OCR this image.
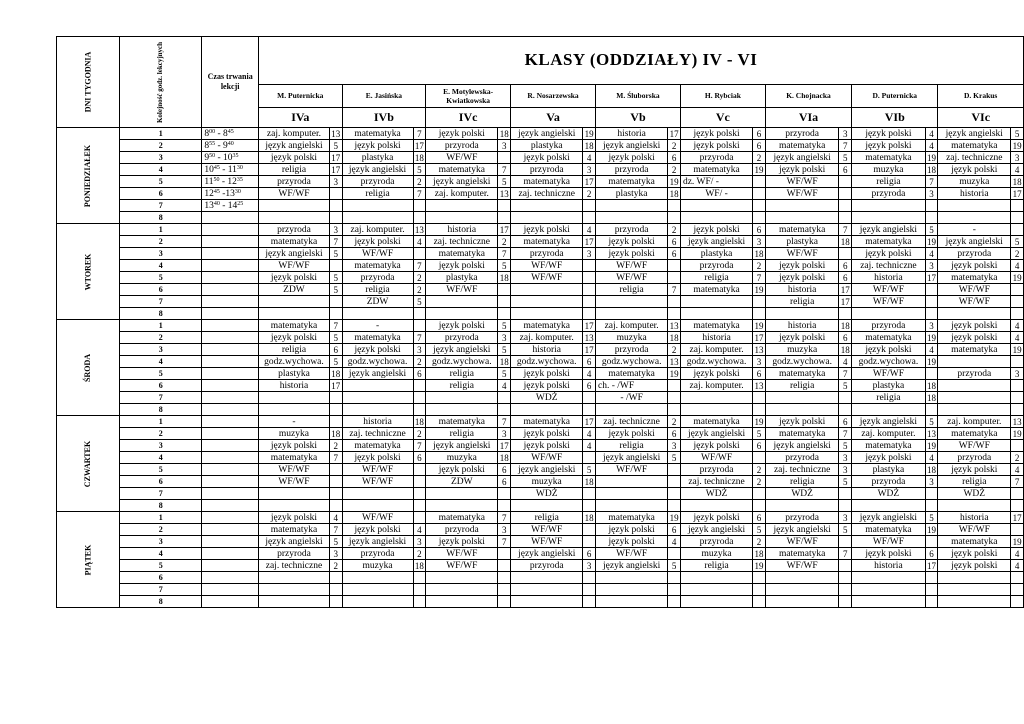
DNI TYGODNIA	Kolejność godz. lekcyjnych	Czas trwania lekcji	KLASY (ODDZIAŁY) IV - VI																	
			M. Puternicka		E. Jasińska		E. Motylewska-Kwiatkowska		R. Nosarzewska		M. Śluborska		H. Rybciak		K. Chojnacka		D. Puternicka		D. Krakus	
			IVa		IVb		IVc		Va		Vb		Vc		VIa		VIb		VIc	
PONIEDZIAŁEK	1	$8^{00} - 8^{45}$	zaj. komputer.	13	matematyka	7	język polski	18	język angielski	19	historia	17	język polski	6	przyroda	3	język polski	4	język angielski	5
	2	$8^{55} - 9^{40}$	język angielski	5	język polski	17	przyroda	3	plastyka	18	język angielski	2	język polski	6	matematyka	7	język polski	4	matematyka	19
	3	$9^{50} - 10^{35}$	język polski	17	plastyka	18	WF/WF		język polski	4	język polski	6	przyroda	2	język angielski	5	matematyka	19	zaj. techniczne	3
	4	$10^{45} - 11^{30}$	religia	17	język angielski	5	matematyka	7	przyroda	3	przyroda	2	matematyka	19	język polski	6	muzyka	18	język polski	4
	5	$11^{50} - 12^{35}$	przyroda	3	przyroda	2	język angielski	5	matematyka	17	matematyka	19	dz. WF/ -		WF/WF		religia	7	muzyka	18
	6	$12^{45}$ $-13^{30}$	WF/WF		religia	7	zaj. komputer.	13	zaj. techniczne	2	plastyka	18	WF/ -		WF/WF		przyroda	3	historia	17
	7	$13^{40} - 14^{25}$																		
	8																			
WTOREK	1		przyroda	3	zaj. komputer.	13	historia	17	język polski	4	przyroda	2	język polski	6	matematyka	7	język angielski	5	-	
	2		matematyka	7	język polski	4	zaj. techniczne	2	matematyka	17	język polski	6	język angielski	3	plastyka	18	matematyka	19	język angielski	5
	3		język angielski	5	WF/WF		matematyka	7	przyroda	3	język polski	6	plastyka	18	WF/WF		język polski	4	przyroda	2
	4		WF/WF		matematyka	7	język polski	5	WF/WF		WF/WF		przyroda	2	język polski	6	zaj. techniczne	3	język polski	4
	5		język polski	5	przyroda	2	plastyka	18	WF/WF		WF/WF		religia	7	język polski	6	historia	17	matematyka	19
	6		ZDW	5	religia	2	WF/WF				religia	7	matematyka	19	historia	17	WF/WF		WF/WF	
	7				ZDW	5									religia	17	WF/WF		WF/WF	
	8																			
ŚRODA	1		matematyka	7	-		język polski	5	matematyka	17	zaj. komputer.	13	matematyka	19	historia	18	przyroda	3	język polski	4
	2		język polski	5	matematyka	7	przyroda	3	zaj. komputer.	13	muzyka	18	historia	17	język polski	6	matematyka	19	język polski	4
	3		religia	6	język polski	3	język angielski	5	historia	17	przyroda	2	zaj. komputer.	13	muzyka	18	język polski	4	matematyka	19
	4		godz.wychowa.	5	godz.wychowa.	2	godz.wychowa.	18	godz.wychowa.	6	godz.wychowa.	13	godz.wychowa.	3	godz.wychowa.	4	godz.wychowa.	19		
	5		plastyka	18	język angielski	6	religia	5	język polski	4	matematyka	19	język polski	6	matematyka	7	WF/WF		przyroda	3
	6		historia	17			religia	4	język polski	6	ch. - /WF		zaj. komputer.	13	religia	5	plastyka	18		
	7								WDŻ		- /WF						religia	18		
	8																			
CZWARTEK	1		-		historia	18	matematyka	7	matematyka	17	zaj. techniczne	2	matematyka	19	język polski	6	język angielski	5	zaj. komputer.	13
	2		muzyka	18	zaj. techniczne	2	religia	3	język polski	4	język polski	6	język angielski	5	matematyka	7	zaj. komputer.	13	matematyka	19
	3		język polski	2	matematyka	7	język angielski	17	język polski	4	religia	3	język polski	6	język angielski	5	matematyka	19	WF/WF	
	4		matematyka	7	język polski	6	muzyka	18	WF/WF		język angielski	5	WF/WF		przyroda	3	język polski	4	przyroda	2
	5		WF/WF		WF/WF		język polski	6	język angielski	5	WF/WF		przyroda	2	zaj. techniczne	3	plastyka	18	język polski	4
	6		WF/WF		WF/WF		ZDW	6	muzyka	18			zaj. techniczne	2	religia	5	przyroda	3	religia	7
	7								WDŻ				WDŻ		WDŻ		WDŻ		WDŻ	
	8																			
PIĄTEK	1		język polski	4	WF/WF		matematyka	7	religia	18	matematyka	19	język polski	6	przyroda	3	język angielski	5	historia	17
	2		matematyka	7	język polski	4	przyroda	3	WF/WF		język polski	6	język angielski	5	język angielski	5	matematyka	19	WF/WF	
	3		język angielski	5	język angielski	3	język polski	7	WF/WF		język polski	4	przyroda	2	WF/WF		WF/WF		matematyka	19
	4		przyroda	3	przyroda	2	WF/WF		język angielski	6	WF/WF		muzyka	18	matematyka	7	język polski	6	język polski	4
	5		zaj. techniczne	2	muzyka	18	WF/WF		przyroda	3	język angielski	5	religia	19	WF/WF		historia	17	język polski	4
	6																			
	7																			
	8																			
